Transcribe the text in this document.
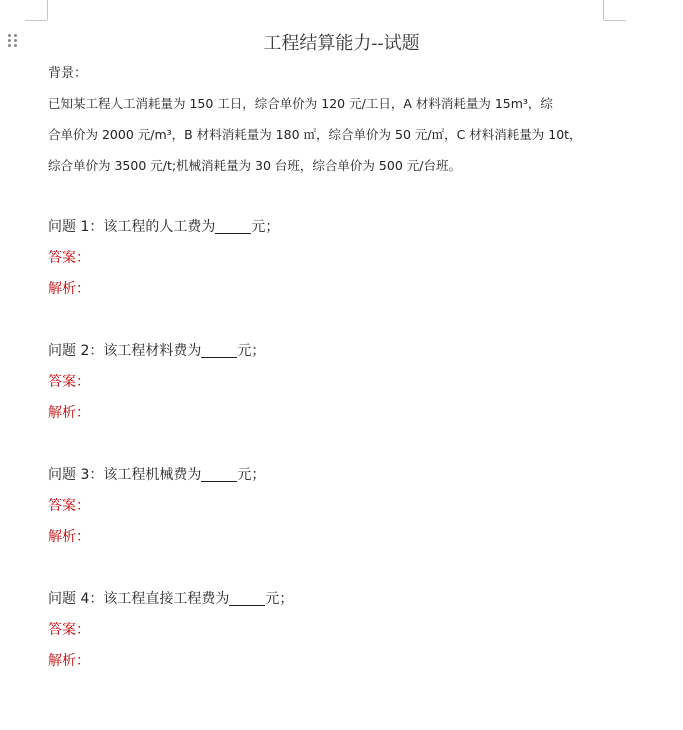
工程结算能力--试题
背景：
已知某工程人工消耗量为 150 工日，综合单价为 120 元/工日，A 材料消耗量为 15m³，综
合单价为 2000 元/m³，B 材料消耗量为 180 ㎡，综合单价为 50 元/㎡，C 材料消耗量为 10t，
综合单价为 3500 元/t;机械消耗量为 30 台班，综合单价为 500 元/台班。
问题 1：该工程的人工费为	元；
答案：
解析：
问题 2：该工程材料费为	元；
答案：
解析：
问题 3：该工程机械费为	元；
答案：
解析：
问题 4：该工程直接工程费为	元；
答案：
解析：
